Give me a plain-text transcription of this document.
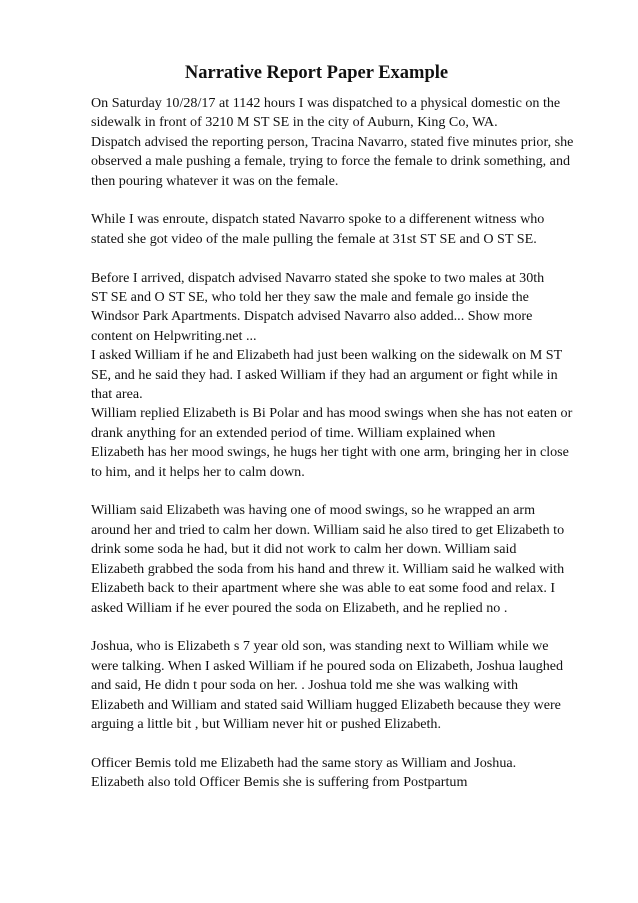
Narrative Report Paper Example

On Saturday 10/28/17 at 1142 hours I was dispatched to a physical domestic on the
sidewalk in front of 3210 M ST SE in the city of Auburn, King Co, WA.
Dispatch advised the reporting person, Tracina Navarro, stated five minutes prior, she
observed a male pushing a female, trying to force the female to drink something, and
then pouring whatever it was on the female.

While I was enroute, dispatch stated Navarro spoke to a differenent witness who
stated she got video of the male pulling the female at 31st ST SE and O ST SE.

Before I arrived, dispatch advised Navarro stated she spoke to two males at 30th
ST SE and O ST SE, who told her they saw the male and female go inside the
Windsor Park Apartments. Dispatch advised Navarro also added... Show more
content on Helpwriting.net ...
I asked William if he and Elizabeth had just been walking on the sidewalk on M ST
SE, and he said they had. I asked William if they had an argument or fight while in
that area.
William replied Elizabeth is Bi Polar and has mood swings when she has not eaten or
drank anything for an extended period of time. William explained when
Elizabeth has her mood swings, he hugs her tight with one arm, bringing her in close
to him, and it helps her to calm down.

William said Elizabeth was having one of mood swings, so he wrapped an arm
around her and tried to calm her down. William said he also tired to get Elizabeth to
drink some soda he had, but it did not work to calm her down. William said
Elizabeth grabbed the soda from his hand and threw it. William said he walked with
Elizabeth back to their apartment where she was able to eat some food and relax. I
asked William if he ever poured the soda on Elizabeth, and he replied no .

Joshua, who is Elizabeth s 7 year old son, was standing next to William while we
were talking. When I asked William if he poured soda on Elizabeth, Joshua laughed
and said, He didn t pour soda on her. . Joshua told me she was walking with
Elizabeth and William and stated said William hugged Elizabeth because they were
arguing a little bit , but William never hit or pushed Elizabeth.

Officer Bemis told me Elizabeth had the same story as William and Joshua.
Elizabeth also told Officer Bemis she is suffering from Postpartum
